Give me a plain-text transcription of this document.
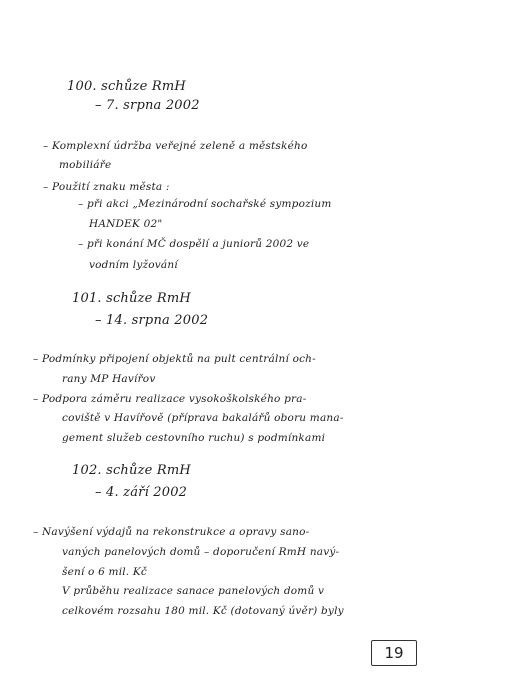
100. schůze RmH
– 7. srpna 2002
– Komplexní údržba veřejné zeleně a městského
mobiliáře
– Použití znaku města :
– při akci „Mezinárodní sochařské sympozium
HANDEK 02"
– při konání MČ dospělí a juniorů 2002 ve
vodním lyžování
101. schůze RmH
– 14. srpna 2002
– Podmínky připojení objektů na pult centrální och-
rany MP Havířov
– Podpora záměru realizace vysokoškolského pra-
coviště v Havířově (příprava bakalářů oboru mana-
gement služeb cestovního ruchu) s podmínkami
102. schůze RmH
– 4. září 2002
– Navýšení výdajů na rekonstrukce a opravy sano-
vaných panelových domů – doporučení RmH navý-
šení o 6 mil. Kč
V průběhu realizace sanace panelových domů v
celkovém rozsahu 180 mil. Kč (dotovaný úvěr) byly
19
